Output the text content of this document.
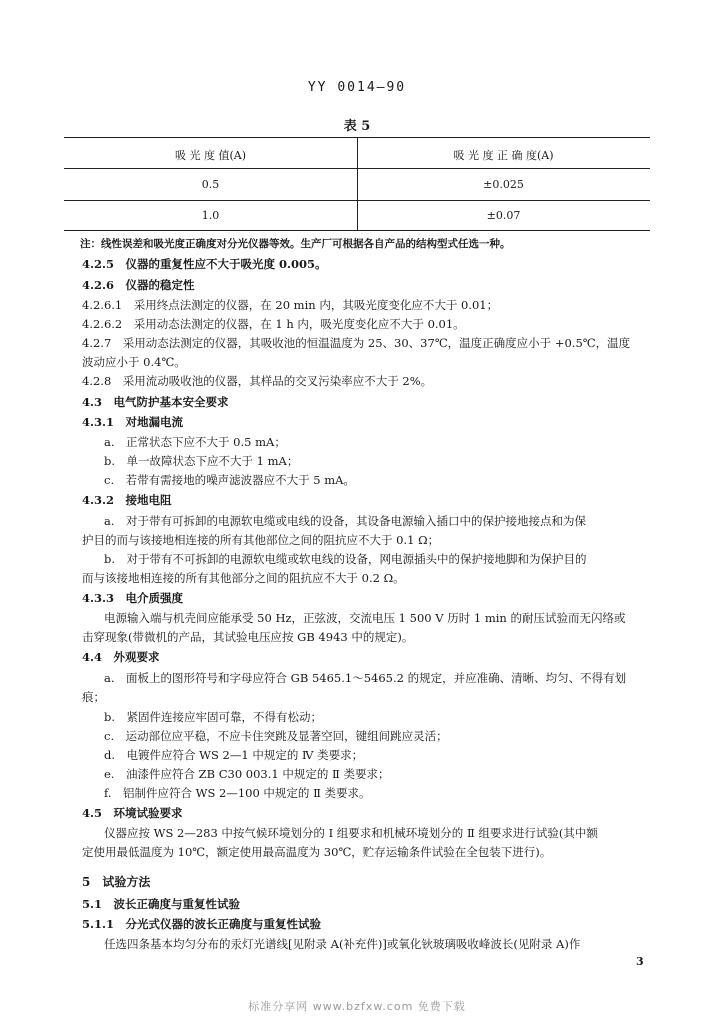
YY 0014—90
表 5
吸 光 度 值(A)	吸 光 度 正 确 度(A)
0.5	±0.025
1.0	±0.07
注：线性误差和吸光度正确度对分光仪器等效。生产厂可根据各自产品的结构型式任选一种。
4.2.5　仪器的重复性应不大于吸光度 0.005。
4.2.6　仪器的稳定性
4.2.6.1　采用终点法测定的仪器，在 20 min 内，其吸光度变化应不大于 0.01；
4.2.6.2　采用动态法测定的仪器，在 1 h 内，吸光度变化应不大于 0.01。
4.2.7　采用动态法测定的仪器，其吸收池的恒温温度为 25、30、37℃，温度正确度应小于 +0.5℃，温度
波动应小于 0.4℃。
4.2.8　采用流动吸收池的仪器，其样品的交叉污染率应不大于 2%。
4.3　电气防护基本安全要求
4.3.1　对地漏电流
a.　正常状态下应不大于 0.5 mA；
b.　单一故障状态下应不大于 1 mA；
c.　若带有需接地的噪声滤波器应不大于 5 mA。
4.3.2　接地电阻
a.　对于带有可拆卸的电源软电缆或电线的设备，其设备电源输入插口中的保护接地接点和为保
护目的而与该接地相连接的所有其他部位之间的阻抗应不大于 0.1 Ω；
b.　对于带有不可拆卸的电源软电缆或软电线的设备，网电源插头中的保护接地脚和为保护目的
而与该接地相连接的所有其他部分之间的阻抗应不大于 0.2 Ω。
4.3.3　电介质强度
电源输入端与机壳间应能承受 50 Hz，正弦波，交流电压 1 500 V 历时 1 min 的耐压试验而无闪络或
击穿现象(带微机的产品，其试验电压应按 GB 4943 中的规定)。
4.4　外观要求
a.　面板上的图形符号和字母应符合 GB 5465.1～5465.2 的规定，并应准确、清晰、均匀、不得有划
痕；
b.　紧固件连接应牢固可靠，不得有松动；
c.　运动部位应平稳，不应卡住突跳及显著空回，键组间跳应灵活；
d.　电镀件应符合 WS 2—1 中规定的 Ⅳ 类要求；
e.　油漆件应符合 ZB C30 003.1 中规定的 Ⅱ 类要求；
f.　铝制件应符合 WS 2—100 中规定的 Ⅱ 类要求。
4.5　环境试验要求
仪器应按 WS 2—283 中按气候环境划分的 Ⅰ 组要求和机械环境划分的 Ⅱ 组要求进行试验(其中额
定使用最低温度为 10℃，额定使用最高温度为 30℃，贮存运输条件试验在全包装下进行)。
5　试验方法
5.1　波长正确度与重复性试验
5.1.1　分光式仪器的波长正确度与重复性试验
任选四条基本均匀分布的汞灯光谱线[见附录 A(补充件)]或氧化钬玻璃吸收峰波长(见附录 A)作
3
标准分享网 www.bzfxw.com 免费下载
